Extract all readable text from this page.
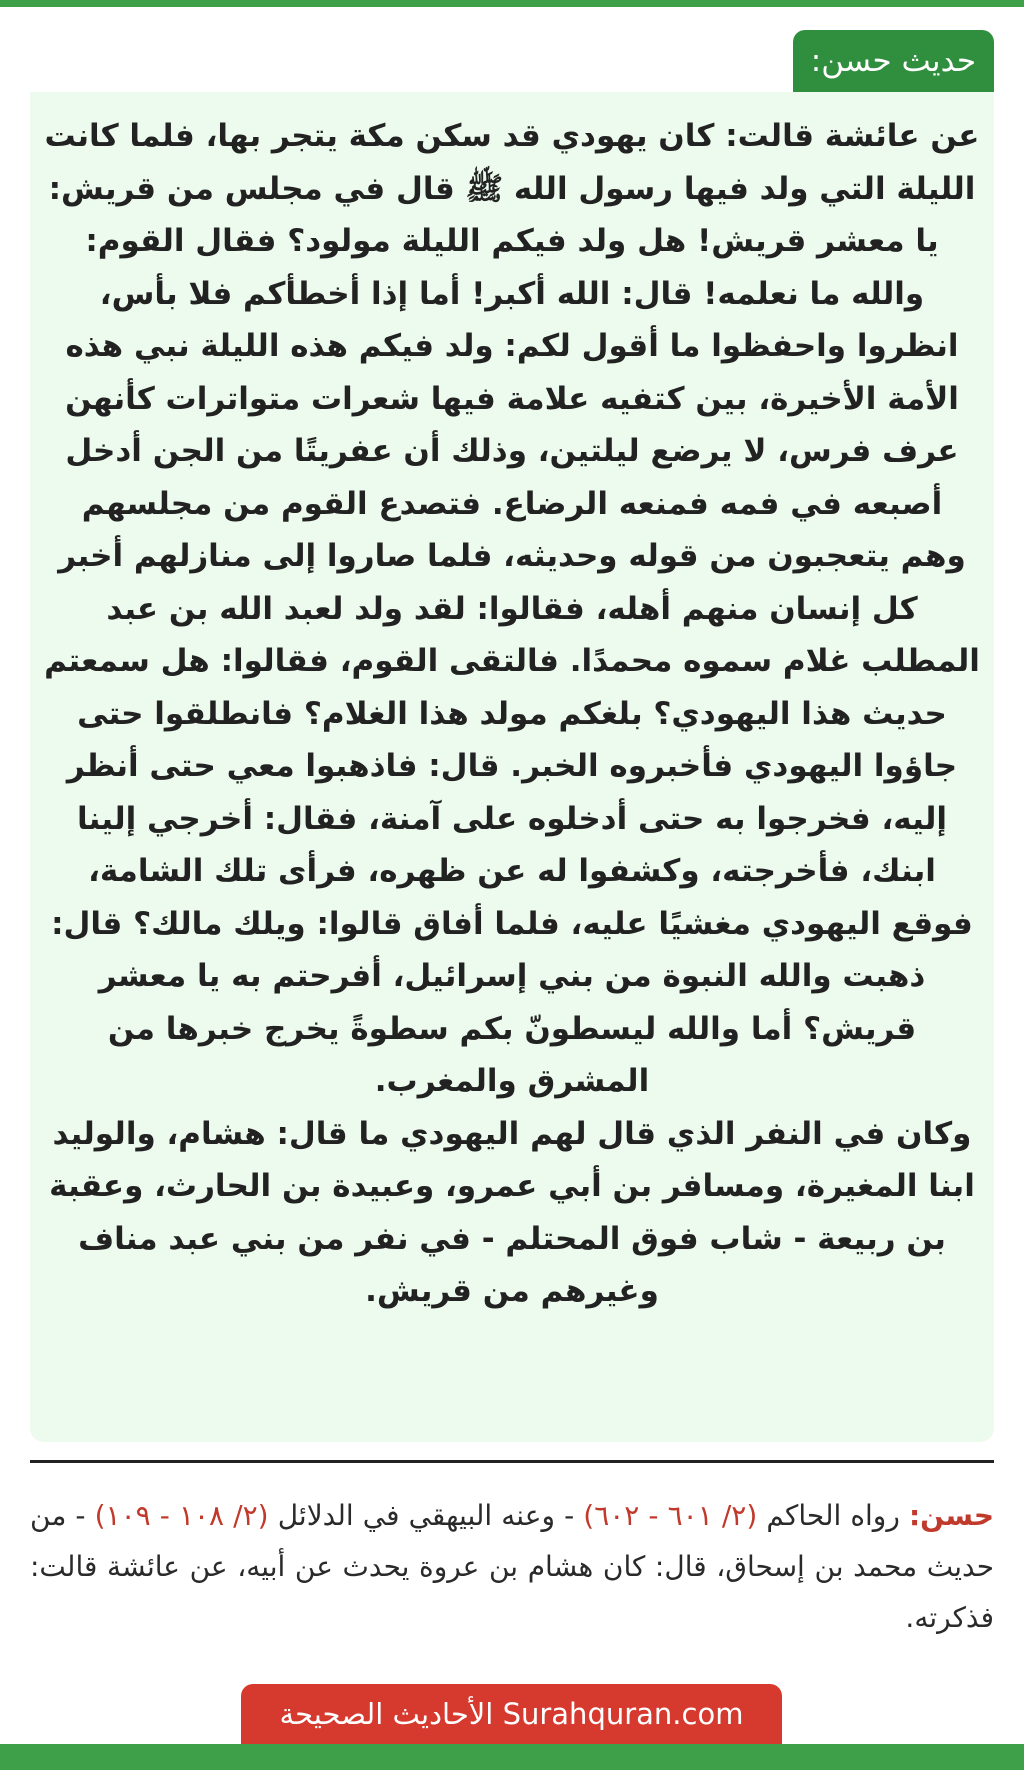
حديث حسن:

عن عائشة قالت: كان يهودي قد سكن مكة يتجر بها، فلما كانت الليلة التي ولد فيها رسول الله ﷺ قال في مجلس من قريش: يا معشر قريش! هل ولد فيكم الليلة مولود؟ فقال القوم: والله ما نعلمه! قال: الله أكبر! أما إذا أخطأكم فلا بأس، انظروا واحفظوا ما أقول لكم: ولد فيكم هذه الليلة نبي هذه الأمة الأخيرة، بين كتفيه علامة فيها شعرات متواترات كأنهن عرف فرس، لا يرضع ليلتين، وذلك أن عفريتًا من الجن أدخل أصبعه في فمه فمنعه الرضاع. فتصدع القوم من مجلسهم وهم يتعجبون من قوله وحديثه، فلما صاروا إلى منازلهم أخبر كل إنسان منهم أهله، فقالوا: لقد ولد لعبد الله بن عبد المطلب غلام سموه محمدًا. فالتقى القوم، فقالوا: هل سمعتم حديث هذا اليهودي؟ بلغكم مولد هذا الغلام؟ فانطلقوا حتى جاؤوا اليهودي فأخبروه الخبر. قال: فاذهبوا معي حتى أنظر إليه، فخرجوا به حتى أدخلوه على آمنة، فقال: أخرجي إلينا ابنك، فأخرجته، وكشفوا له عن ظهره، فرأى تلك الشامة، فوقع اليهودي مغشيًا عليه، فلما أفاق قالوا: ويلك مالك؟ قال: ذهبت والله النبوة من بني إسرائيل، أفرحتم به يا معشر قريش؟ أما والله ليسطونّ بكم سطوةً يخرج خبرها من المشرق والمغرب.

وكان في النفر الذي قال لهم اليهودي ما قال: هشام، والوليد ابنا المغيرة، ومسافر بن أبي عمرو، وعبيدة بن الحارث، وعقبة بن ربيعة - شاب فوق المحتلم - في نفر من بني عبد مناف وغيرهم من قريش.

حسن: رواه الحاكم (٢/ ٦٠١ - ٦٠٢) - وعنه البيهقي في الدلائل (٢/ ١٠٨ - ١٠٩) - من حديث محمد بن إسحاق، قال: كان هشام بن عروة يحدث عن أبيه، عن عائشة قالت: فذكرته.
الأحاديث الصحيحة Surahquran.com
